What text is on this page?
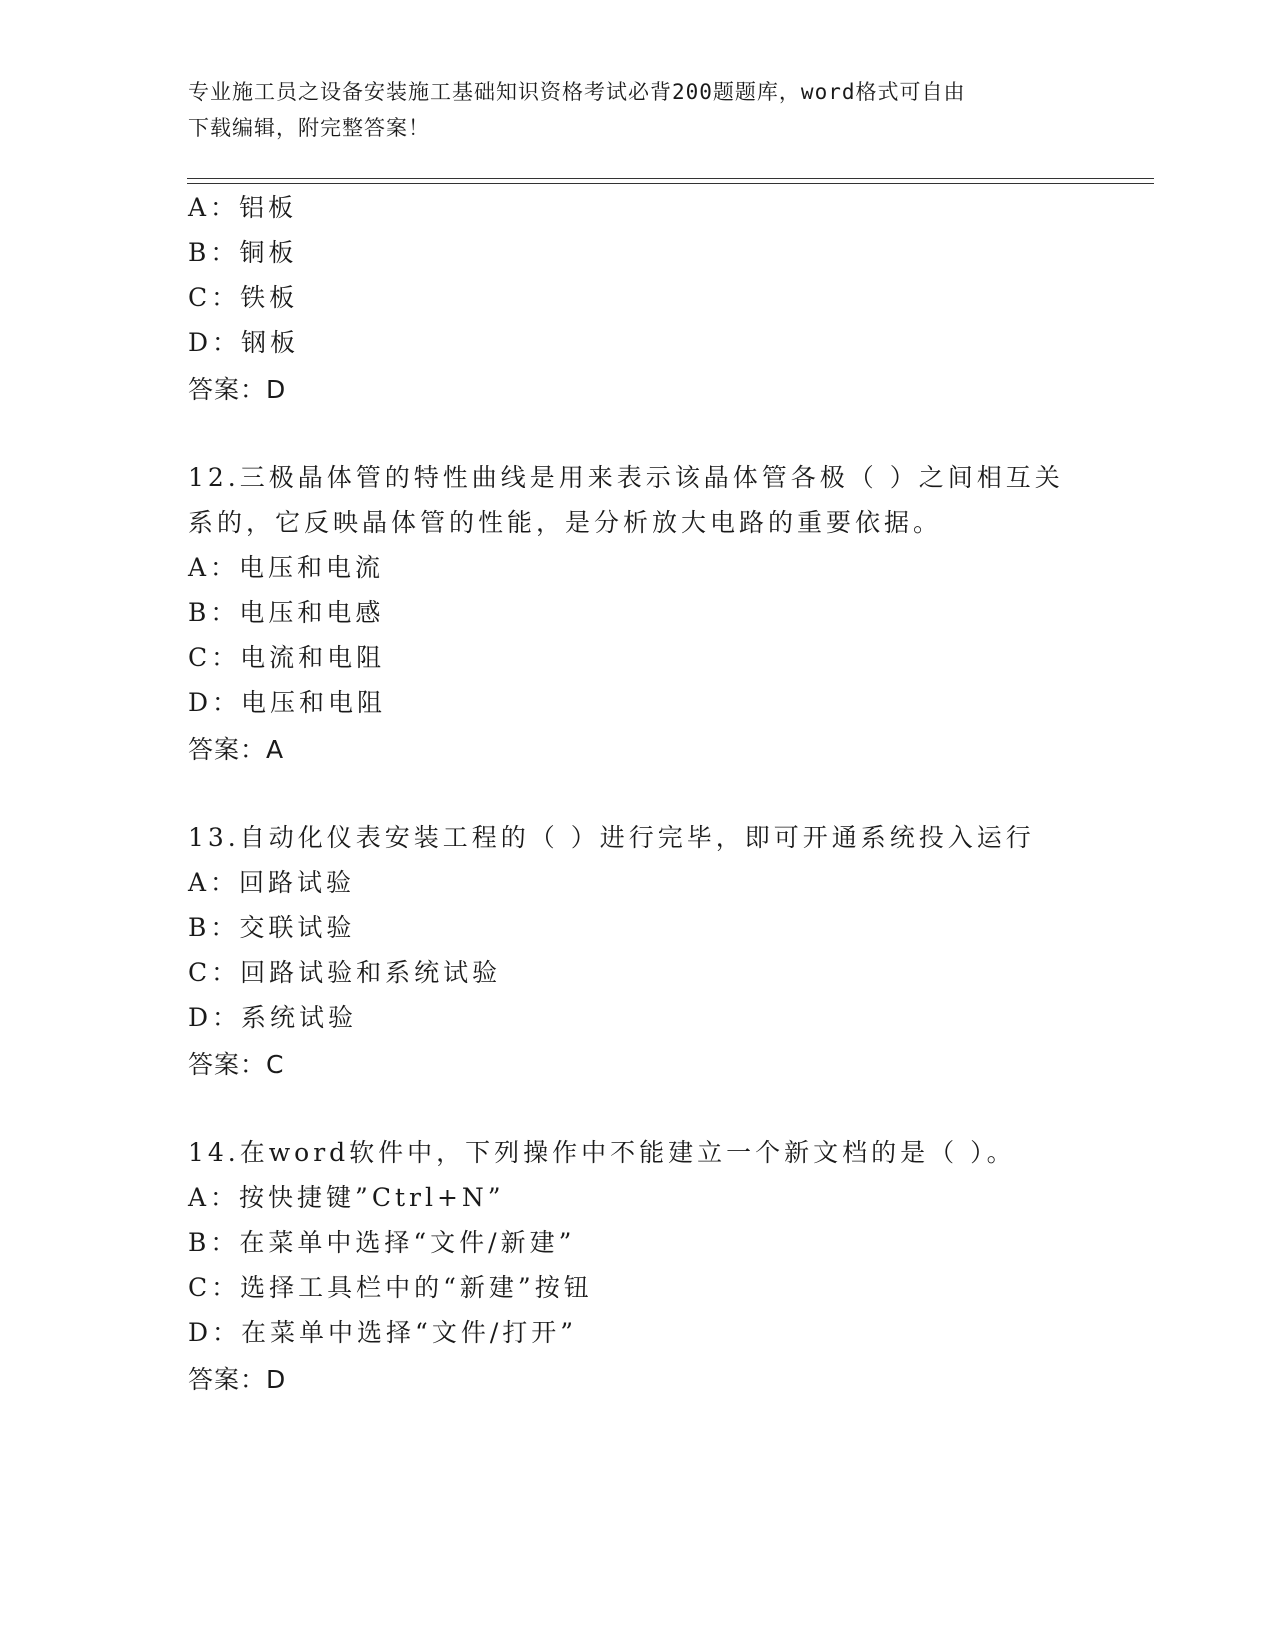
专业施工员之设备安装施工基础知识资格考试必背200题题库，word格式可自由
下载编辑，附完整答案！
A：铝板
B：铜板
C：铁板
D：钢板
答案：D
12.三极晶体管的特性曲线是用来表示该晶体管各极（ ）之间相互关
系的，它反映晶体管的性能，是分析放大电路的重要依据。
A：电压和电流
B：电压和电感
C：电流和电阻
D：电压和电阻
答案：A
13.自动化仪表安装工程的（ ）进行完毕，即可开通系统投入运行
A：回路试验
B：交联试验
C：回路试验和系统试验
D：系统试验
答案：C
14.在word软件中，下列操作中不能建立一个新文档的是（ ）。
A：按快捷键”Ctrl+N”
B：在菜单中选择“文件/新建”
C：选择工具栏中的“新建”按钮
D：在菜单中选择“文件/打开”
答案：D
